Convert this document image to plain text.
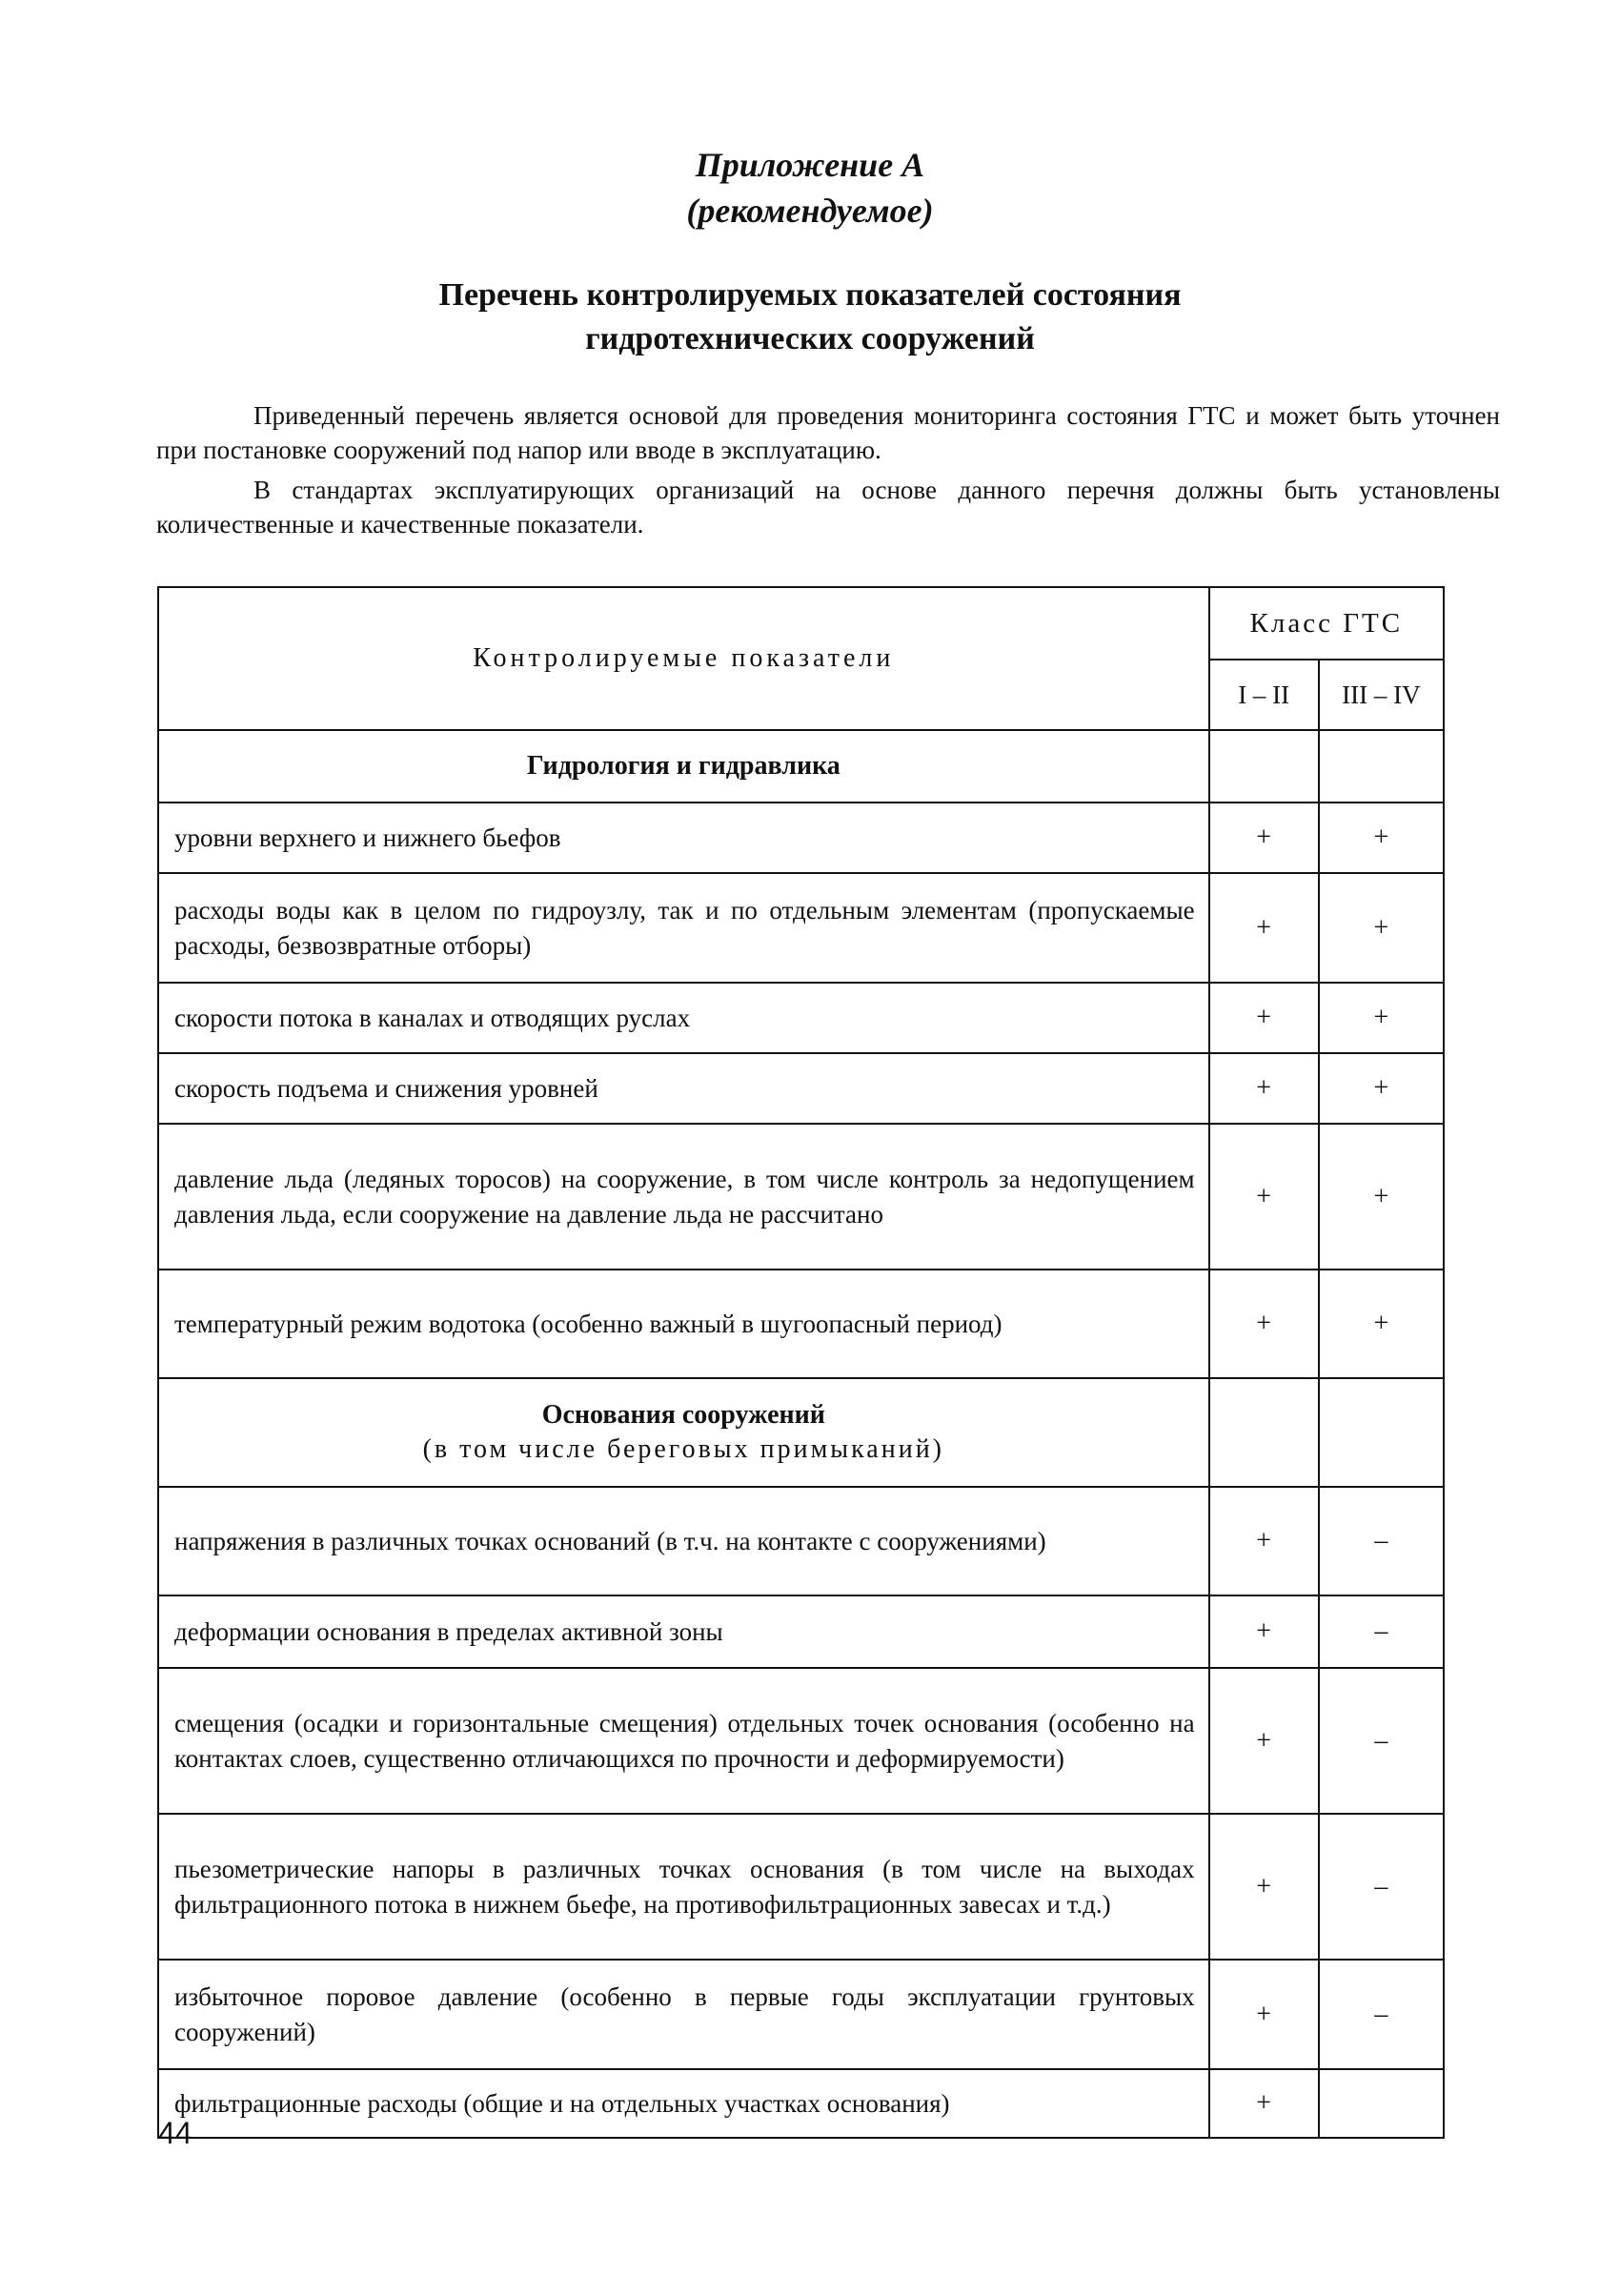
Приложение А
(рекомендуемое)
Перечень контролируемых показателей состояния
гидротехнических сооружений
Приведенный перечень является основой для проведения мониторинга состояния ГТС и может быть уточнен при постановке сооружений под напор или вводе в эксплуатацию.
В стандартах эксплуатирующих организаций на основе данного перечня должны быть установлены количественные и качественные показатели.
Контролируемые показатели	Класс ГТС	
	I – II	III – IV
Гидрология и гидравлика		
уровни верхнего и нижнего бьефов	+	+
расходы воды как в целом по гидроузлу, так и по отдельным элементам (пропускаемые расходы, безвозвратные отборы)	+	+
скорости потока в каналах и отводящих руслах	+	+
скорость подъема и снижения уровней	+	+
давление льда (ледяных торосов) на сооружение, в том числе контроль за недопущением давления льда, если сооружение на давление льда не рассчитано	+	+
температурный режим водотока (особенно важный в шугоопасный период)	+	+

Основания сооружений
(в том числе береговых примыканий)		

напряжения в различных точках оснований (в т.ч. на контакте с сооружениями)	+	–
деформации основания в пределах активной зоны	+	–
смещения (осадки и горизонтальные смещения) отдельных точек основания (особенно на контактах слоев, существенно отличающихся по прочности и деформируемости)	+	–
пьезометрические напоры в различных точках основания (в том числе на выходах фильтрационного потока в нижнем бьефе, на противофильтрационных завесах и т.д.)	+	–
избыточное поровое давление (особенно в первые годы эксплуатации грунтовых сооружений)	+	–
фильтрационные расходы (общие и на отдельных участках основания)	+	
44
